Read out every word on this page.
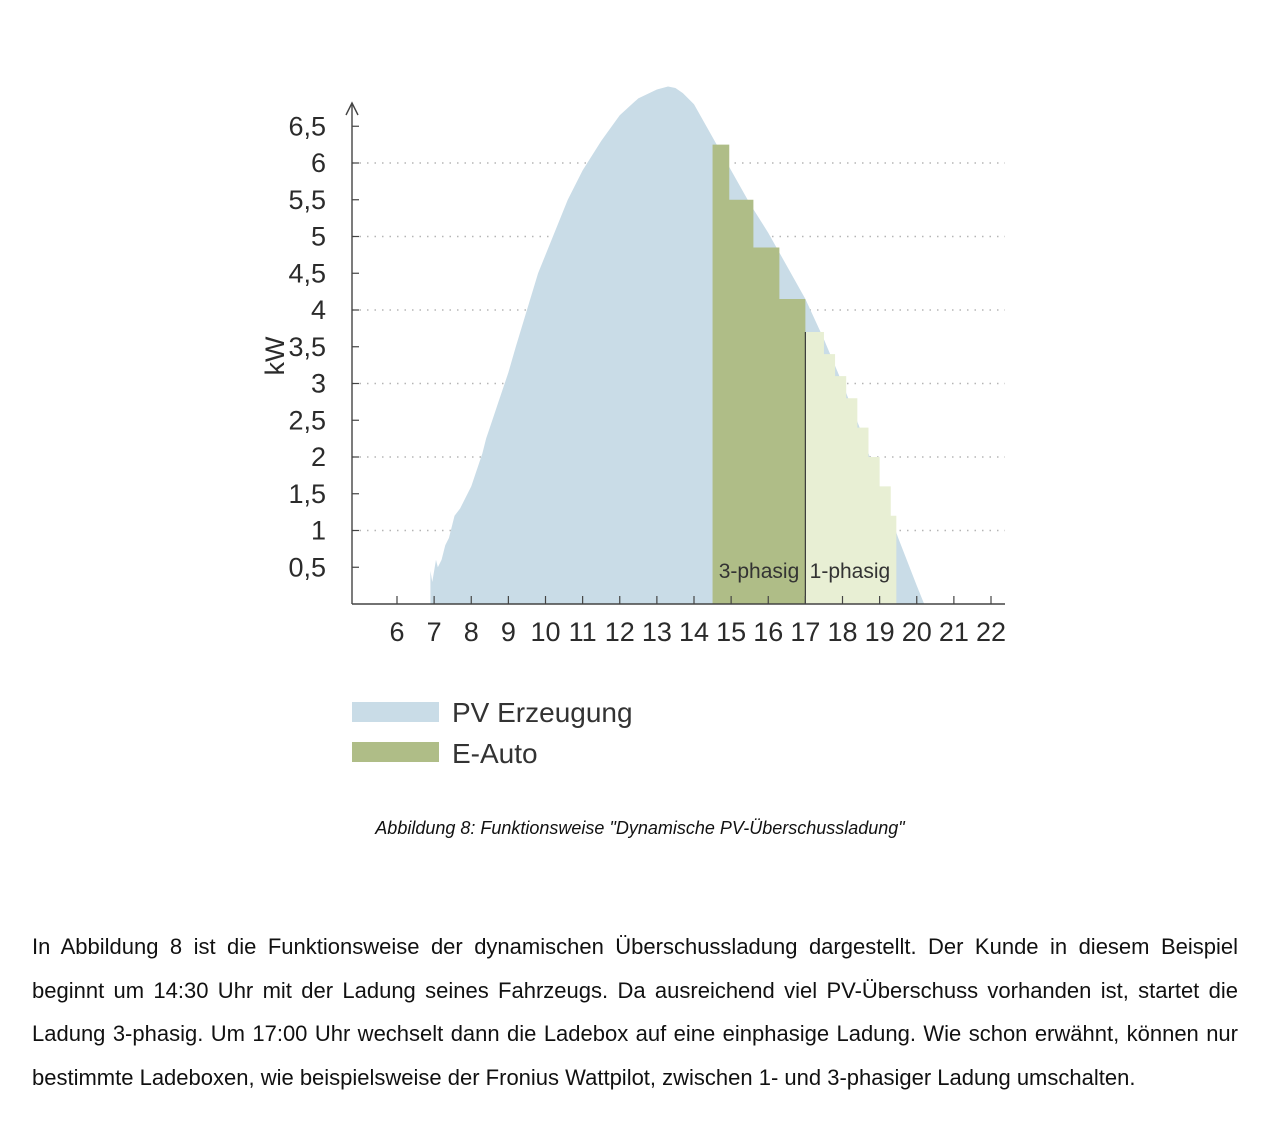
0,5
1
1,5
2
2,5
3
3,5
4
4,5
5
5,5
6
6,5
6 7 8 9 10 11 12 13 14 15 16 17 18 19 20 21 22
kW
3-phasig 1-phasig
PV Erzeugung
E-Auto
Abbildung 8: Funktionsweise "Dynamische PV-Überschussladung"

In Abbildung 8 ist die Funktionsweise der dynamischen Überschussladung dargestellt. Der Kunde in diesem Beispiel beginnt um 14:30 Uhr mit der Ladung seines Fahrzeugs. Da ausreichend viel PV-Überschuss vorhanden ist, startet die Ladung 3-phasig. Um 17:00 Uhr wechselt dann die Ladebox auf eine einphasige Ladung. Wie schon erwähnt, können nur bestimmte Ladeboxen, wie beispielsweise der Fronius Wattpilot, zwischen 1- und 3-phasiger Ladung umschalten.
